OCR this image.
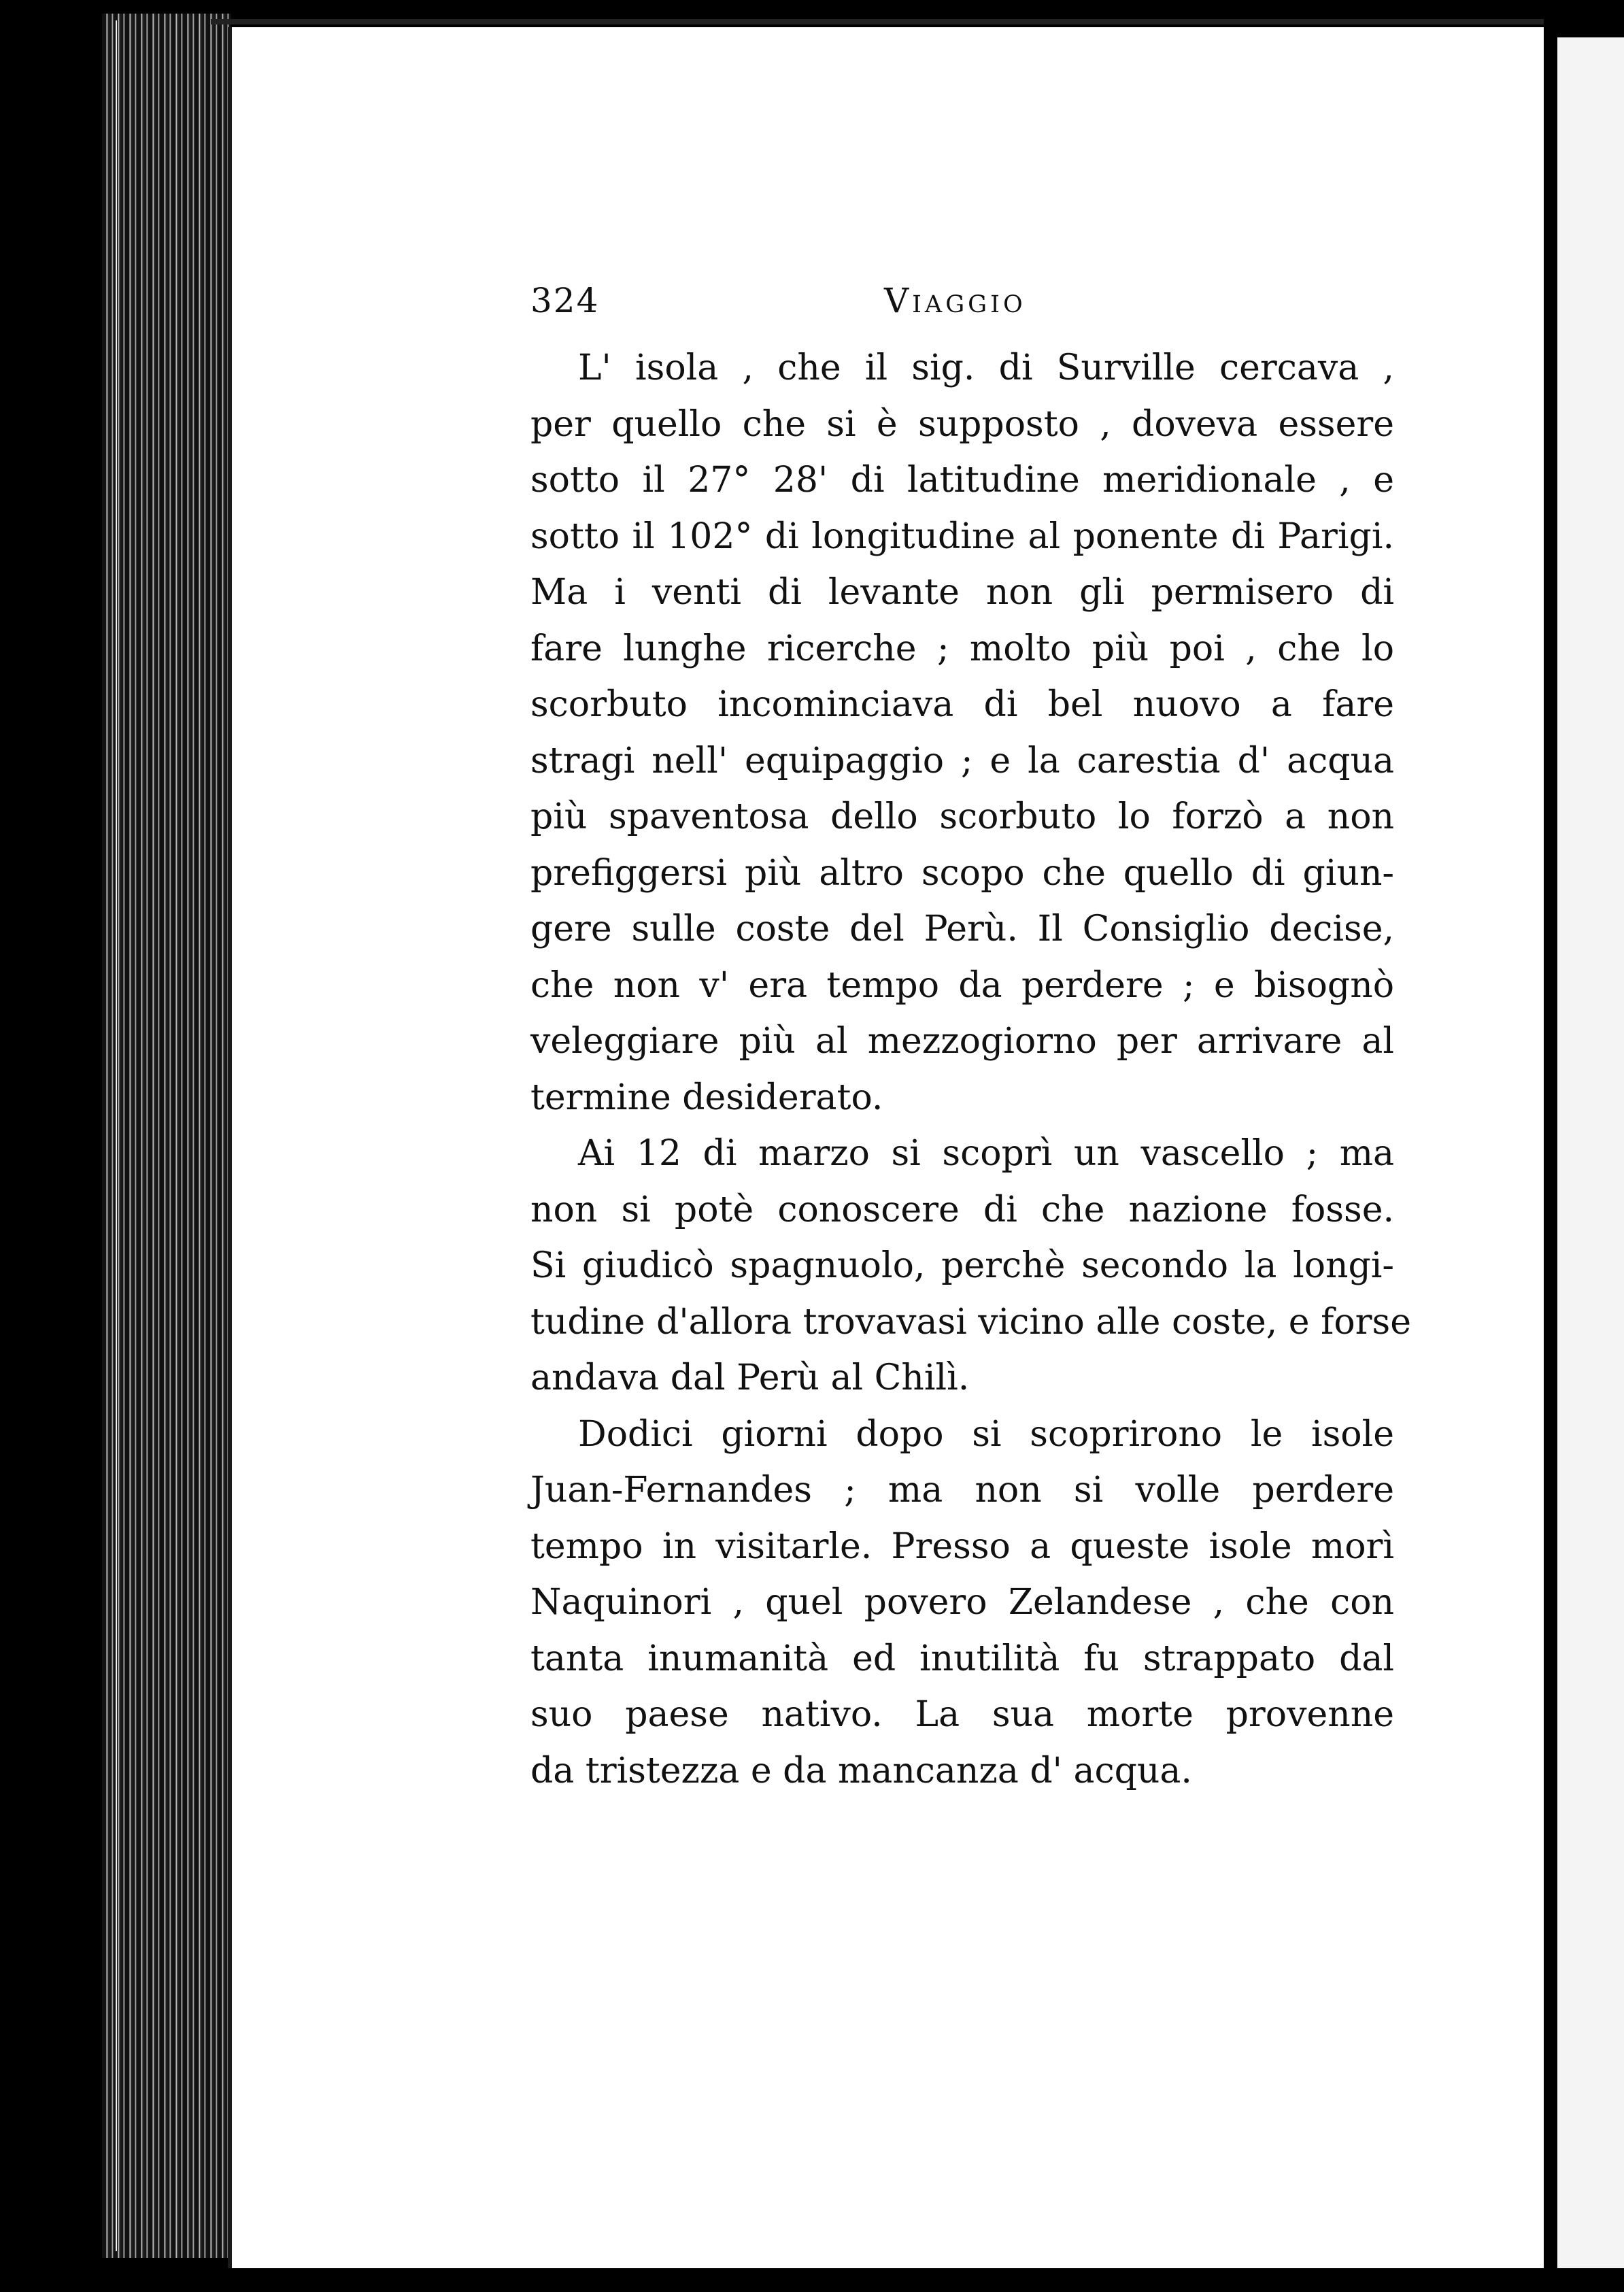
324	Viaggio
L' isola , che il sig. di Surville cercava ,
per quello che si è supposto , doveva essere
sotto il 27° 28' di latitudine meridionale , e
sotto il 102° di longitudine al ponente di Parigi.
Ma i venti di levante non gli permisero di
fare lunghe ricerche ; molto più poi , che lo
scorbuto incominciava di bel nuovo a fare
stragi nell' equipaggio ; e la carestia d' acqua
più spaventosa dello scorbuto lo forzò a non
prefiggersi più altro scopo che quello di giun-
gere sulle coste del Perù. Il Consiglio decise,
che non v' era tempo da perdere ; e bisognò
veleggiare più al mezzogiorno per arrivare al
termine desiderato.
Ai 12 di marzo si scoprì un vascello ; ma
non si potè conoscere di che nazione fosse.
Si giudicò spagnuolo, perchè secondo la longi-
tudine d'allora trovavasi vicino alle coste, e forse
andava dal Perù al Chilì.
Dodici giorni dopo si scoprirono le isole
Juan-Fernandes ; ma non si volle perdere
tempo in visitarle. Presso a queste isole morì
Naquinori , quel povero Zelandese , che con
tanta inumanità ed inutilità fu strappato dal
suo paese nativo. La sua morte provenne
da tristezza e da mancanza d' acqua.
